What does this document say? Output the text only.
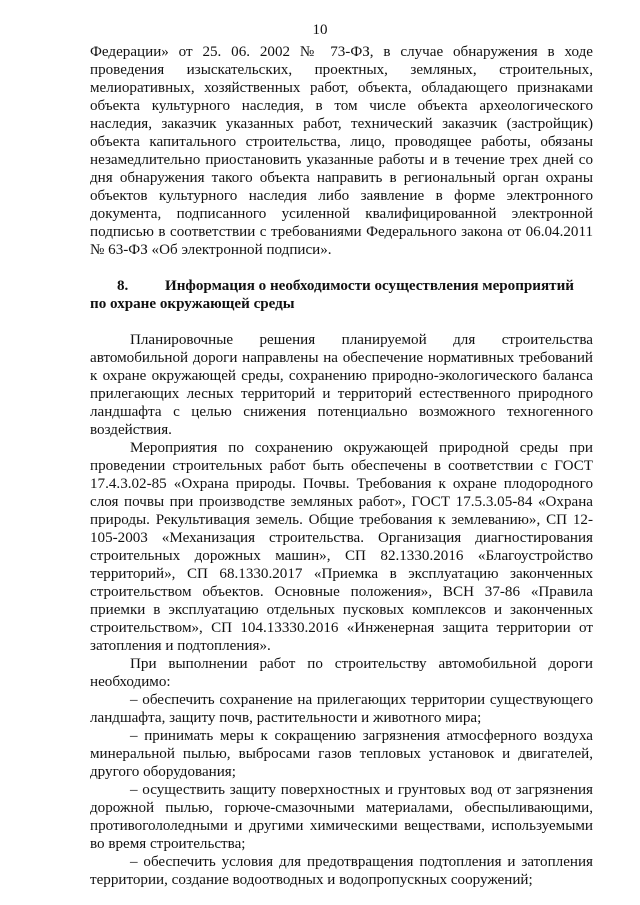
10

Федерации» от 25. 06. 2002 № 73-ФЗ, в случае обнаружения в ходе проведения изыскательских, проектных, земляных, строительных, мелиоративных, хозяйственных работ, объекта, обладающего признаками объекта культурного наследия, в том числе объекта археологического наследия, заказчик указанных работ, технический заказчик (застройщик) объекта капитального строительства, лицо, проводящее работы, обязаны незамедлительно приостановить указанные работы и в течение трех дней со дня обнаружения такого объекта направить в региональный орган охраны объектов культурного наследия либо заявление в форме электронного документа, подписанного усиленной квалифицированной электронной подписью в соответствии с требованиями Федерального закона от 06.04.2011 № 63-ФЗ «Об электронной подписи».

8. Информация о необходимости осуществления мероприятий по охране окружающей среды

Планировочные решения планируемой для строительства автомобильной дороги направлены на обеспечение нормативных требований к охране окружающей среды, сохранению природно-экологического баланса прилегающих лесных территорий и территорий естественного природного ландшафта с целью снижения потенциально возможного техногенного воздействия.

Мероприятия по сохранению окружающей природной среды при проведении строительных работ быть обеспечены в соответствии с ГОСТ 17.4.3.02-85 «Охрана природы. Почвы. Требования к охране плодородного слоя почвы при производстве земляных работ», ГОСТ 17.5.3.05-84 «Охрана природы. Рекультивация земель. Общие требования к землеванию», СП 12-105-2003 «Механизация строительства. Организация диагностирования строительных дорожных машин», СП 82.1330.2016 «Благоустройство территорий», СП 68.1330.2017 «Приемка в эксплуатацию законченных строительством объектов. Основные положения», ВСН 37-86 «Правила приемки в эксплуатацию отдельных пусковых комплексов и законченных строительством», СП 104.13330.2016 «Инженерная защита территории от затопления и подтопления».

При выполнении работ по строительству автомобильной дороги необходимо:

– обеспечить сохранение на прилегающих территории существующего ландшафта, защиту почв, растительности и животного мира;

– принимать меры к сокращению загрязнения атмосферного воздуха минеральной пылью, выбросами газов тепловых установок и двигателей, другого оборудования;

– осуществить защиту поверхностных и грунтовых вод от загрязнения дорожной пылью, горюче-смазочными материалами, обеспыливающими, противогололедными и другими химическими веществами, используемыми во время строительства;

– обеспечить условия для предотвращения подтопления и затопления территории, создание водоотводных и водопропускных сооружений;
